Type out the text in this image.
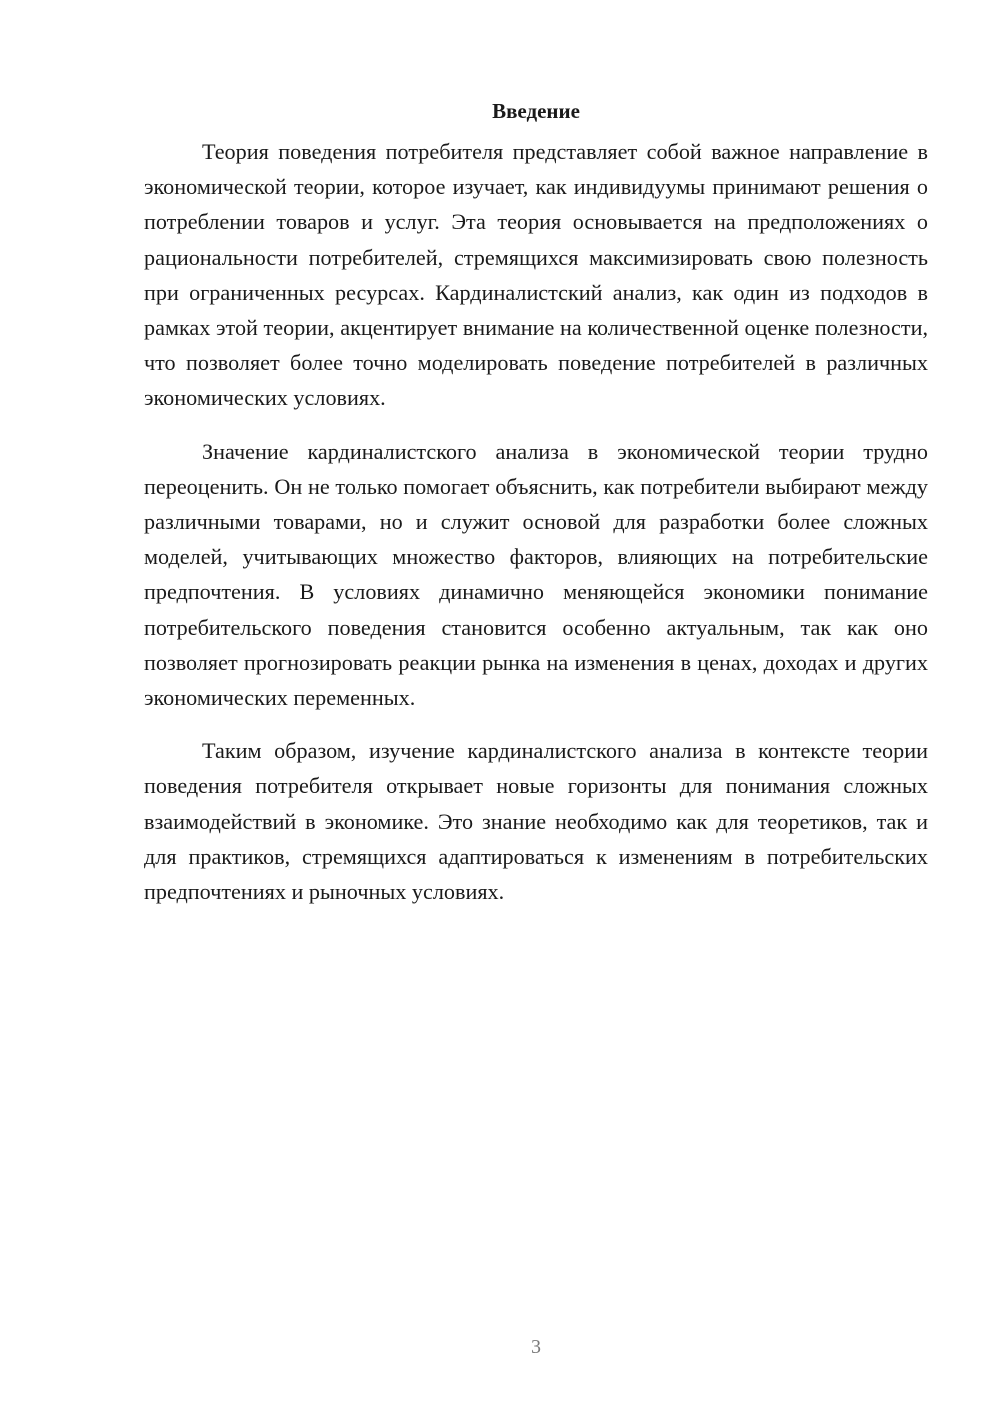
Введение

Теория поведения потребителя представляет собой важное направление в экономической теории, которое изучает, как индивидуумы принимают решения о потреблении товаров и услуг. Эта теория основывается на предположениях о рациональности потребителей, стремящихся максимизировать свою полезность при ограниченных ресурсах. Кардиналистский анализ, как один из подходов в рамках этой теории, акцентирует внимание на количественной оценке полезности, что позволяет более точно моделировать поведение потребителей в различных экономических условиях.

Значение кардиналистского анализа в экономической теории трудно переоценить. Он не только помогает объяснить, как потребители выбирают между различными товарами, но и служит основой для разработки более сложных моделей, учитывающих множество факторов, влияющих на потребительские предпочтения. В условиях динамично меняющейся экономики понимание потребительского поведения становится особенно актуальным, так как оно позволяет прогнозировать реакции рынка на изменения в ценах, доходах и других экономических переменных.

Таким образом, изучение кардиналистского анализа в контексте теории поведения потребителя открывает новые горизонты для понимания сложных взаимодействий в экономике. Это знание необходимо как для теоретиков, так и для практиков, стремящихся адаптироваться к изменениям в потребительских предпочтениях и рыночных условиях.

3
